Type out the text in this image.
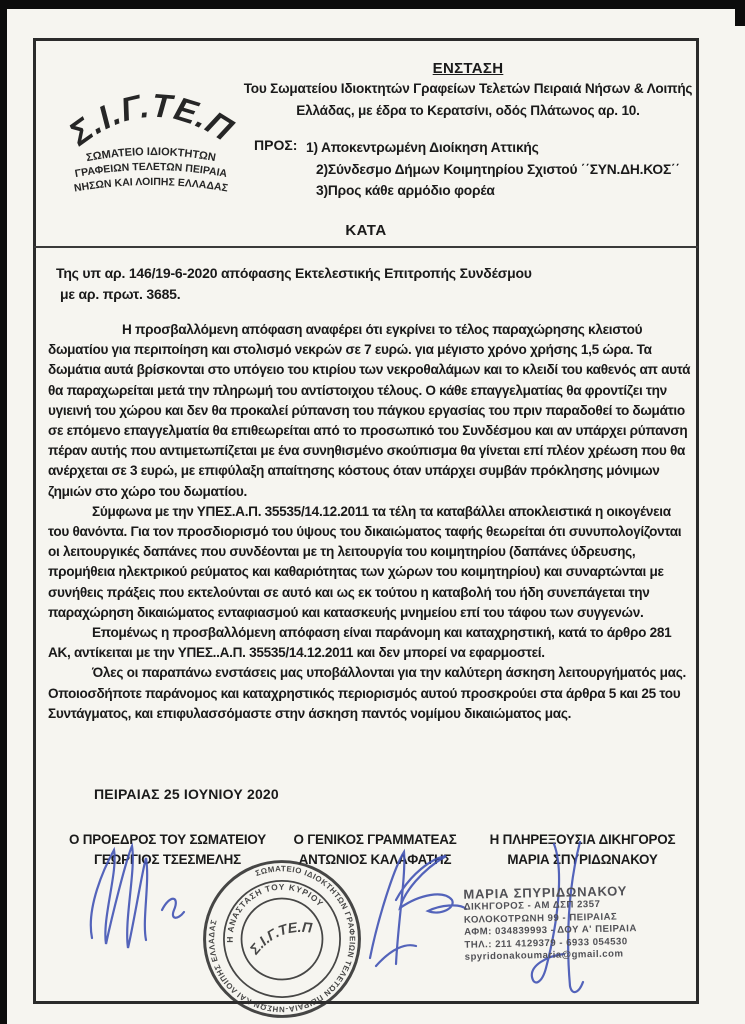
Σ.Ι.Γ.ΤΕ.Π
ΣΩΜΑΤΕΙΟ ΙΔΙΟΚΤΗΤΩΝ
ΓΡΑΦΕΙΩΝ ΤΕΛΕΤΩΝ ΠΕΙΡΑΙΑ
ΝΗΣΩΝ ΚΑΙ ΛΟΙΠΗΣ ΕΛΛΑΔΑΣ
ΕΝΣΤΑΣΗ
Του Σωματείου Ιδιοκτητών Γραφείων Τελετών Πειραιά Νήσων & Λοιπής
Ελλάδας, με έδρα το Κερατσίνι, οδός Πλάτωνος αρ. 10.
ΠΡΟΣ: 1) Αποκεντρωμένη Διοίκηση Αττικής
2)Σύνδεσμο Δήμων Κοιμητηρίου Σχιστού ΄΄ΣΥΝ.ΔΗ.ΚΟΣ΄΄
3)Προς κάθε αρμόδιο φορέα
ΚΑΤΑ
Της υπ αρ. 146/19-6-2020 απόφασης Εκτελεστικής Επιτροπής Συνδέσμου
με αρ. πρωτ. 3685.

Η προσβαλλόμενη απόφαση αναφέρει ότι εγκρίνει το τέλος παραχώρησης κλειστού δωματίου για περιποίηση και στολισμό νεκρών σε 7 ευρώ. για μέγιστο χρόνο χρήσης 1,5 ώρα. Τα δωμάτια αυτά βρίσκονται στο υπόγειο του κτιρίου των νεκροθαλάμων και το κλειδί του καθενός απ αυτά θα παραχωρείται μετά την πληρωμή του αντίστοιχου τέλους. Ο κάθε επαγγελματίας θα φροντίζει την υγιεινή του χώρου και δεν θα προκαλεί ρύπανση του πάγκου εργασίας του πριν παραδοθεί το δωμάτιο σε επόμενο επαγγελματία θα επιθεωρείται από το προσωπικό του Συνδέσμου και αν υπάρχει ρύπανση πέραν αυτής που αντιμετωπίζεται με ένα συνηθισμένο σκούπισμα θα γίνεται επί πλέον χρέωση που θα ανέρχεται σε 3 ευρώ, με επιφύλαξη απαίτησης κόστους όταν υπάρχει συμβάν πρόκλησης μόνιμων ζημιών στο χώρο του δωματίου.

Σύμφωνα με την ΥΠΕΣ.Α.Π. 35535/14.12.2011 τα τέλη τα καταβάλλει αποκλειστικά η οικογένεια του θανόντα. Για τον προσδιορισμό του ύψους του δικαιώματος ταφής θεωρείται ότι συνυπολογίζονται οι λειτουργικές δαπάνες που συνδέονται με τη λειτουργία του κοιμητηρίου (δαπάνες ύδρευσης, προμήθεια ηλεκτρικού ρεύματος και καθαριότητας των χώρων του κοιμητηρίου) και συναρτώνται με συνήθεις πράξεις που εκτελούνται σε αυτό και ως εκ τούτου η καταβολή του ήδη συνεπάγεται την παραχώρηση δικαιώματος ενταφιασμού και κατασκευής μνημείου επί του τάφου των συγγενών.

Επομένως η προσβαλλόμενη απόφαση είναι παράνομη και καταχρηστική, κατά το άρθρο 281 ΑΚ, αντίκειται με την ΥΠΕΣ..Α.Π. 35535/14.12.2011 και δεν μπορεί να εφαρμοστεί.

Όλες οι παραπάνω ενστάσεις μας υποβάλλονται για την καλύτερη άσκηση λειτουργήματός μας. Οποιοσδήποτε παράνομος και καταχρηστικός περιορισμός αυτού προσκρούει στα άρθρα 5 και 25 του Συντάγματος, και επιφυλασσόμαστε στην άσκηση παντός νομίμου δικαιώματος μας.

ΠΕΙΡΑΙΑΣ 25 ΙΟΥΝΙΟΥ 2020
Ο ΠΡΟΕΔΡΟΣ ΤΟΥ ΣΩΜΑΤΕΙΟΥ
ΓΕΩΡΓΙΟΣ ΤΣΕΣΜΕΛΗΣ
Ο ΓΕΝΙΚΟΣ ΓΡΑΜΜΑΤΕΑΣ
ΑΝΤΩΝΙΟΣ ΚΑΛΑΦΑΤΗΣ
Η ΠΛΗΡΕΞΟΥΣΙΑ ΔΙΚΗΓΟΡΟΣ
ΜΑΡΙΑ ΣΠΥΡΙΔΩΝΑΚΟΥ
ΣΩΜΑΤΕΙΟ ΙΔΙΟΚΤΗΤΩΝ ΓΡΑΦΕΙΩΝ ΤΕΛΕΤΩΝ ΠΕΙΡΑΙΑ-ΝΗΣΩΝ ΚΑΙ ΛΟΙΠΗΣ ΕΛΛΑΔΑΣ
Η ΑΝΑΣΤΑΣΗ ΤΟΥ ΚΥΡΙΟΥ
Σ.Ι.Γ.ΤΕ.Π
ΜΑΡΙΑ ΣΠΥΡΙΔΩΝΑΚΟΥ
ΔΙΚΗΓΟΡΟΣ - ΑΜ ΔΣΠ 2357
ΚΟΛΟΚΟΤΡΩΝΗ 99 - ΠΕΙΡΑΙΑΣ
ΑΦΜ: 034839993 - ΔΟΥ Α' ΠΕΙΡΑΙΑ
ΤΗΛ.: 211 4129379 - 6933 054530
spyridonakoumaria@gmail.com
